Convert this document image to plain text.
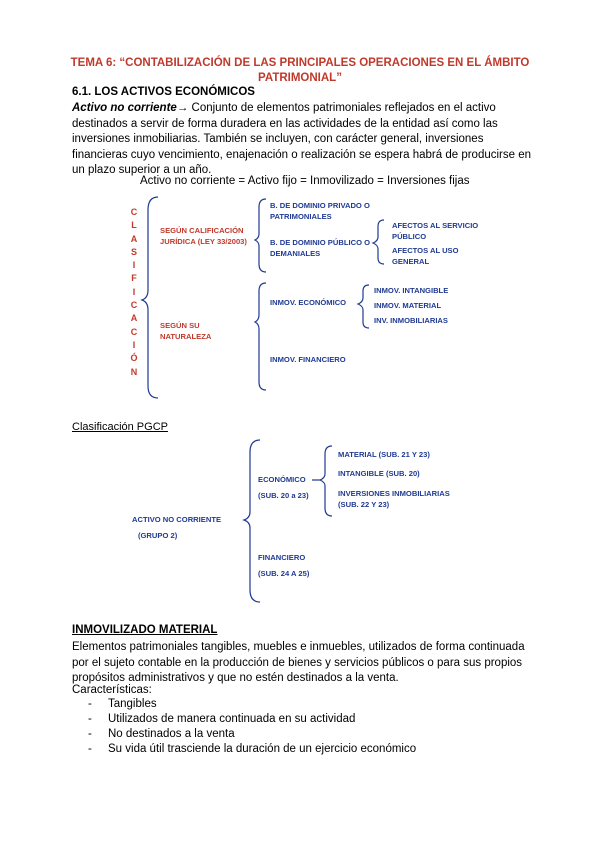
TEMA 6: “CONTABILIZACIÓN DE LAS PRINCIPALES OPERACIONES EN EL ÁMBITO PATRIMONIAL”
6.1. LOS ACTIVOS ECONÓMICOS
Activo no corriente→ Conjunto de elementos patrimoniales reflejados en el activo destinados a servir de forma duradera en las actividades de la entidad así como las inversiones inmobiliarias. También se incluyen, con carácter general, inversiones financieras cuyo vencimiento, enajenación o realización se espera habrá de producirse en un plazo superior a un año.
Activo no corriente = Activo fijo = Inmovilizado = Inversiones fijas
C
L
A
S
I
F
I
C
A
C
I
Ó
N
SEGÚN CALIFICACIÓN JURÍDICA (LEY 33/2003)
B. DE DOMINIO PRIVADO O PATRIMONIALES
B. DE DOMINIO PÚBLICO O DEMANIALES
AFECTOS AL SERVICIO PÚBLICO
AFECTOS AL USO GENERAL
SEGÚN SU NATURALEZA
INMOV. ECONÓMICO
INMOV. INTANGIBLE
INMOV. MATERIAL
INV. INMOBILIARIAS
INMOV. FINANCIERO
Clasificación PGCP
ACTIVO NO CORRIENTE
(GRUPO 2)
ECONÓMICO
(SUB. 20 a 23)
MATERIAL (SUB. 21 Y 23)
INTANGIBLE (SUB. 20)
INVERSIONES INMOBILIARIAS (SUB. 22 Y 23)
FINANCIERO
(SUB. 24 A 25)
INMOVILIZADO MATERIAL
Elementos patrimoniales tangibles, muebles e inmuebles, utilizados de forma continuada por el sujeto contable en la producción de bienes y servicios públicos o para sus propios propósitos administrativos y que no estén destinados a la venta.
Características:
- Tangibles
- Utilizados de manera continuada en su actividad
- No destinados a la venta
- Su vida útil trasciende la duración de un ejercicio económico
